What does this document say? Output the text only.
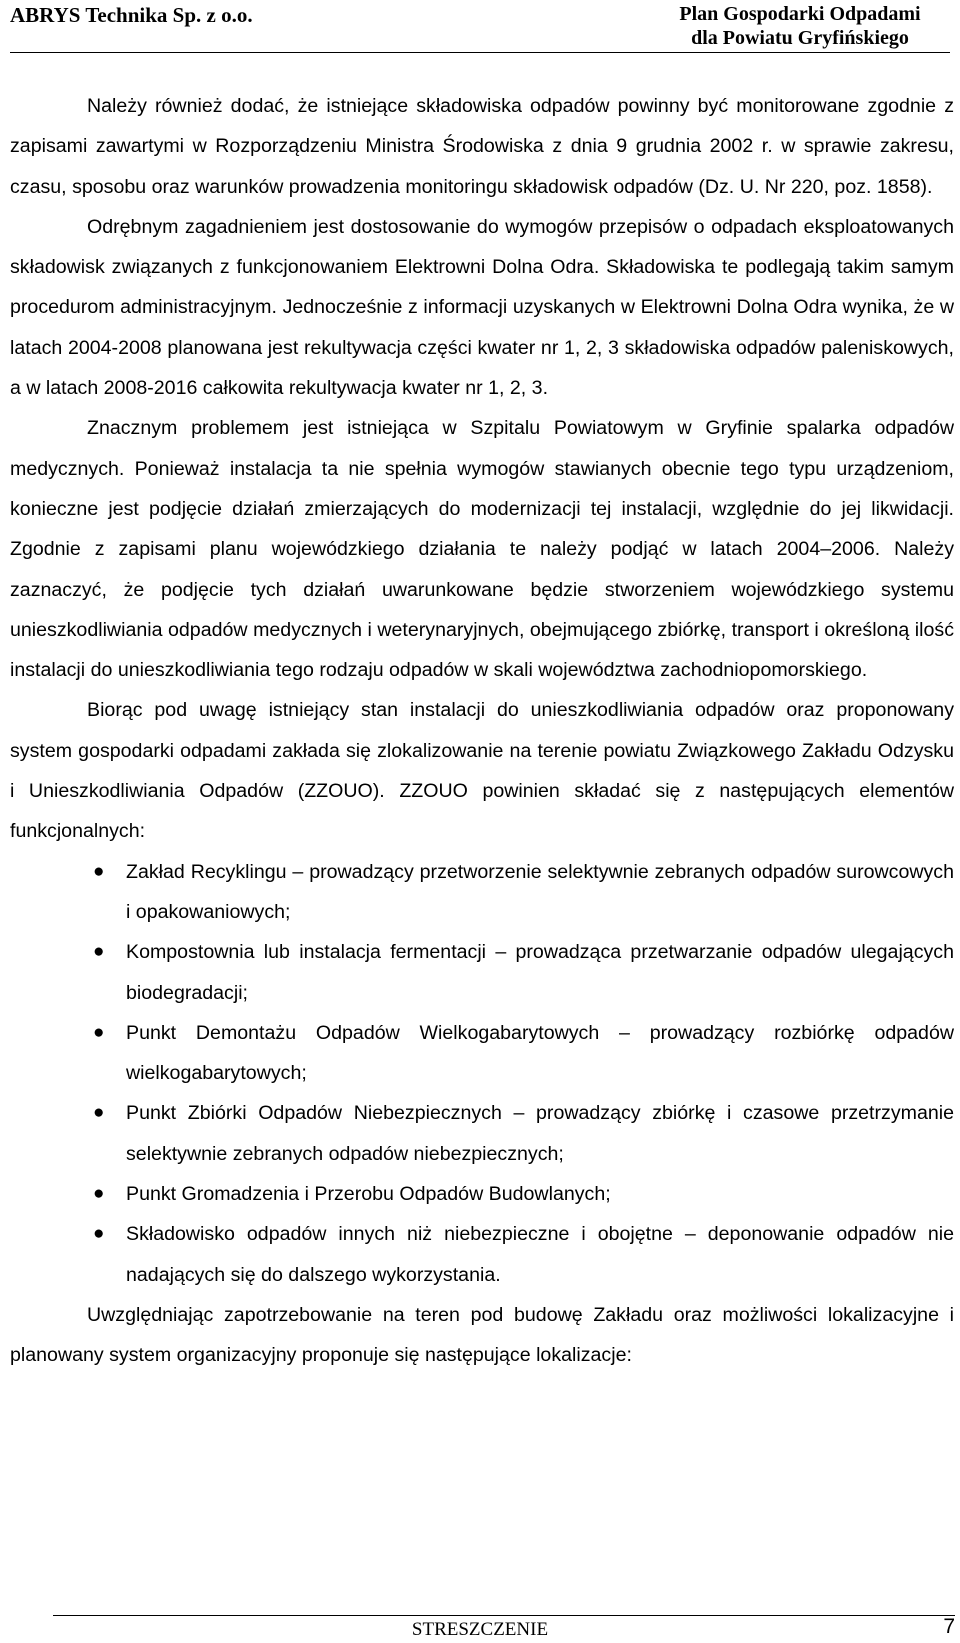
ABRYS Technika Sp. z o.o.	Plan Gospodarki Odpadami
dla Powiatu Gryfińskiego

Należy również dodać, że istniejące składowiska odpadów powinny być monitorowane zgodnie z zapisami zawartymi w Rozporządzeniu Ministra Środowiska z dnia 9 grudnia 2002 r. w sprawie zakresu, czasu, sposobu oraz warunków prowadzenia monitoringu składowisk odpadów (Dz. U. Nr 220, poz. 1858).

Odrębnym zagadnieniem jest dostosowanie do wymogów przepisów o odpadach eksploatowanych składowisk związanych z funkcjonowaniem Elektrowni Dolna Odra. Składowiska te podlegają takim samym procedurom administracyjnym. Jednocześnie z informacji uzyskanych w Elektrowni Dolna Odra wynika, że w latach 2004-2008 planowana jest rekultywacja części kwater nr 1, 2, 3 składowiska odpadów paleniskowych, a w latach 2008-2016 całkowita rekultywacja kwater nr 1, 2, 3.

Znacznym problemem jest istniejąca w Szpitalu Powiatowym w Gryfinie spalarka odpadów medycznych. Ponieważ instalacja ta nie spełnia wymogów stawianych obecnie tego typu urządzeniom, konieczne jest podjęcie działań zmierzających do modernizacji tej instalacji, względnie do jej likwidacji. Zgodnie z zapisami planu wojewódzkiego działania te należy podjąć w latach 2004–2006. Należy zaznaczyć, że podjęcie tych działań uwarunkowane będzie stworzeniem wojewódzkiego systemu unieszkodliwiania odpadów medycznych i weterynaryjnych, obejmującego zbiórkę, transport i określoną ilość instalacji do unieszkodliwiania tego rodzaju odpadów w skali województwa zachodniopomorskiego.

Biorąc pod uwagę istniejący stan instalacji do unieszkodliwiania odpadów oraz proponowany system gospodarki odpadami zakłada się zlokalizowanie na terenie powiatu Związkowego Zakładu Odzysku i Unieszkodliwiania Odpadów (ZZOUO). ZZOUO powinien składać się z następujących elementów funkcjonalnych:

● Zakład Recyklingu – prowadzący przetworzenie selektywnie zebranych odpadów surowcowych i opakowaniowych;
● Kompostownia lub instalacja fermentacji – prowadząca przetwarzanie odpadów ulegających biodegradacji;
● Punkt Demontażu Odpadów Wielkogabarytowych – prowadzący rozbiórkę odpadów wielkogabarytowych;
● Punkt Zbiórki Odpadów Niebezpiecznych – prowadzący zbiórkę i czasowe przetrzymanie selektywnie zebranych odpadów niebezpiecznych;
● Punkt Gromadzenia i Przerobu Odpadów Budowlanych;
● Składowisko odpadów innych niż niebezpieczne i obojętne – deponowanie odpadów nie nadających się do dalszego wykorzystania.

Uwzględniając zapotrzebowanie na teren pod budowę Zakładu oraz możliwości lokalizacyjne i planowany system organizacyjny proponuje się następujące lokalizacje:

STRESZCZENIE	7
